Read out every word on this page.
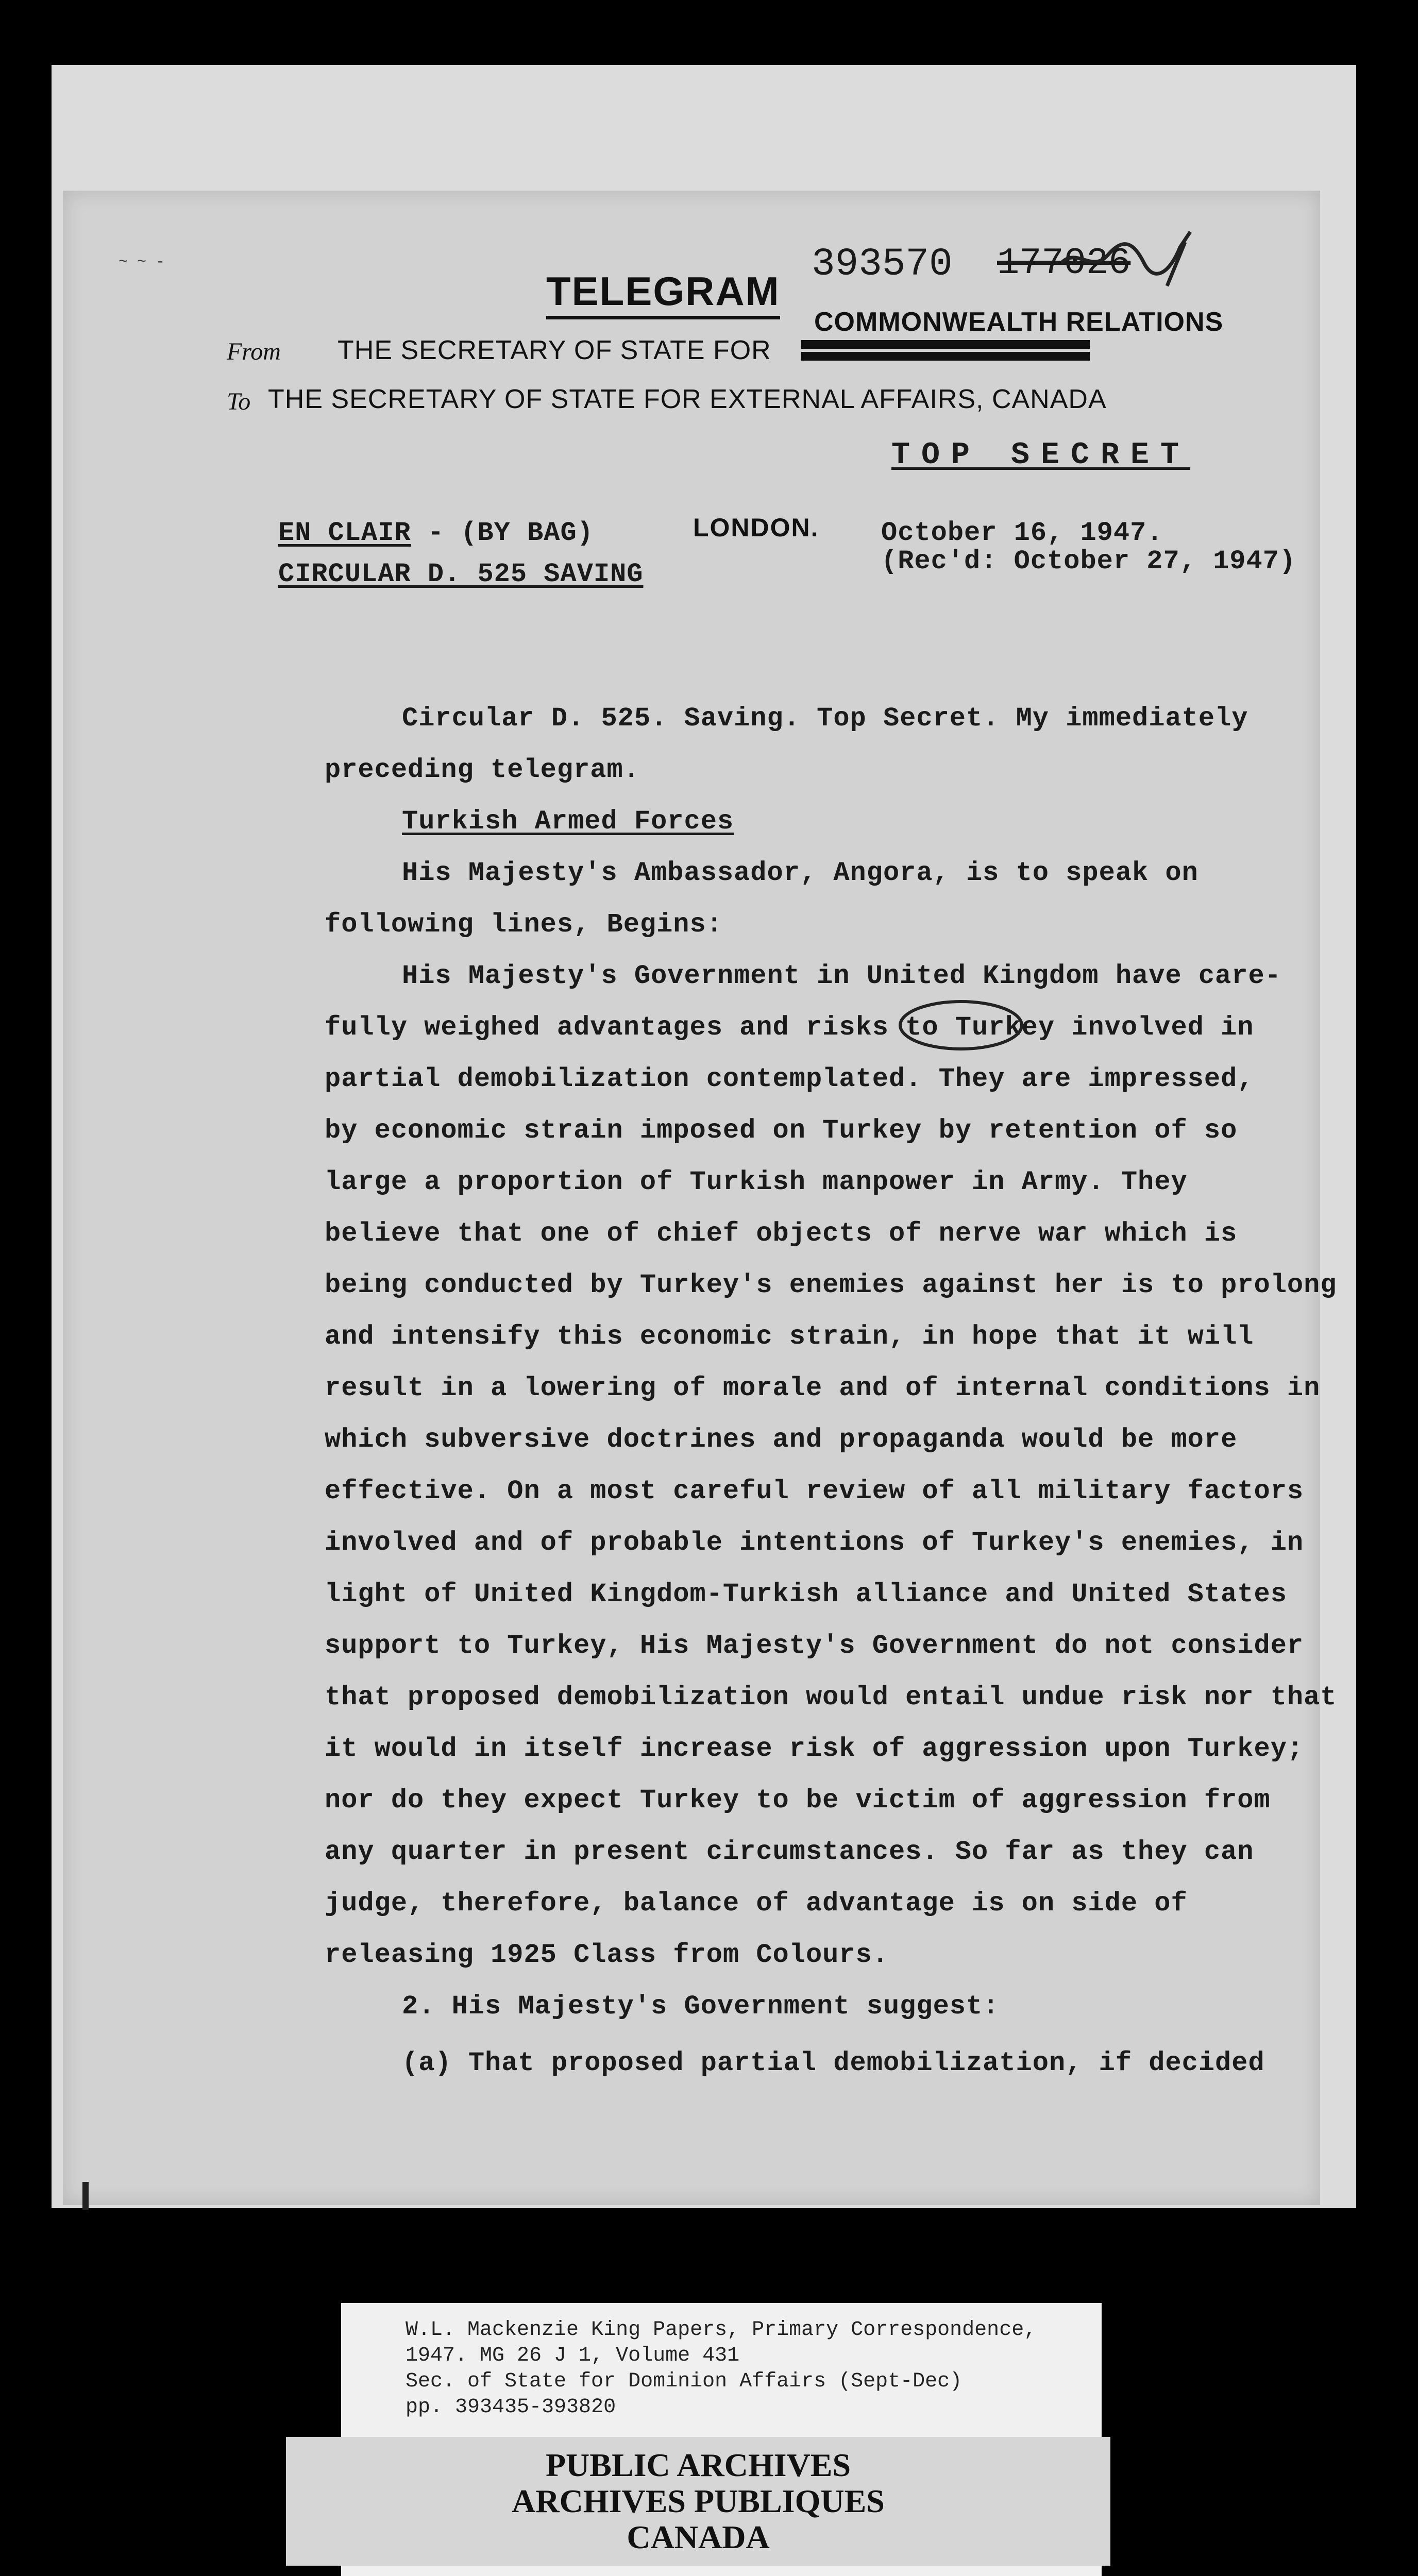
~ ~ -
TELEGRAM
393570 177026
COMMONWEALTH RELATIONS
From THE SECRETARY OF STATE FOR
To THE SECRETARY OF STATE FOR EXTERNAL AFFAIRS, CANADA
TOP SECRET
EN CLAIR - (BY BAG)
CIRCULAR D. 525 SAVING
LONDON. October 16, 1947.
(Rec'd: October 27, 1947)
Circular D. 525. Saving. Top Secret. My immediately
preceding telegram.
Turkish Armed Forces
His Majesty's Ambassador, Angora, is to speak on
following lines, Begins:
His Majesty's Government in United Kingdom have care-
fully weighed advantages and risks to Turkey involved in
partial demobilization contemplated. They are impressed,
by economic strain imposed on Turkey by retention of so
large a proportion of Turkish manpower in Army. They
believe that one of chief objects of nerve war which is
being conducted by Turkey's enemies against her is to prolong
and intensify this economic strain, in hope that it will
result in a lowering of morale and of internal conditions in
which subversive doctrines and propaganda would be more
effective. On a most careful review of all military factors
involved and of probable intentions of Turkey's enemies, in
light of United Kingdom-Turkish alliance and United States
support to Turkey, His Majesty's Government do not consider
that proposed demobilization would entail undue risk nor that
it would in itself increase risk of aggression upon Turkey;
nor do they expect Turkey to be victim of aggression from
any quarter in present circumstances. So far as they can
judge, therefore, balance of advantage is on side of
releasing 1925 Class from Colours.
2. His Majesty's Government suggest:
(a) That proposed partial demobilization, if decided
W.L. Mackenzie King Papers, Primary Correspondence,
1947. MG 26 J 1, Volume 431
Sec. of State for Dominion Affairs (Sept-Dec)
pp. 393435-393820
PUBLIC ARCHIVES
ARCHIVES PUBLIQUES
CANADA
